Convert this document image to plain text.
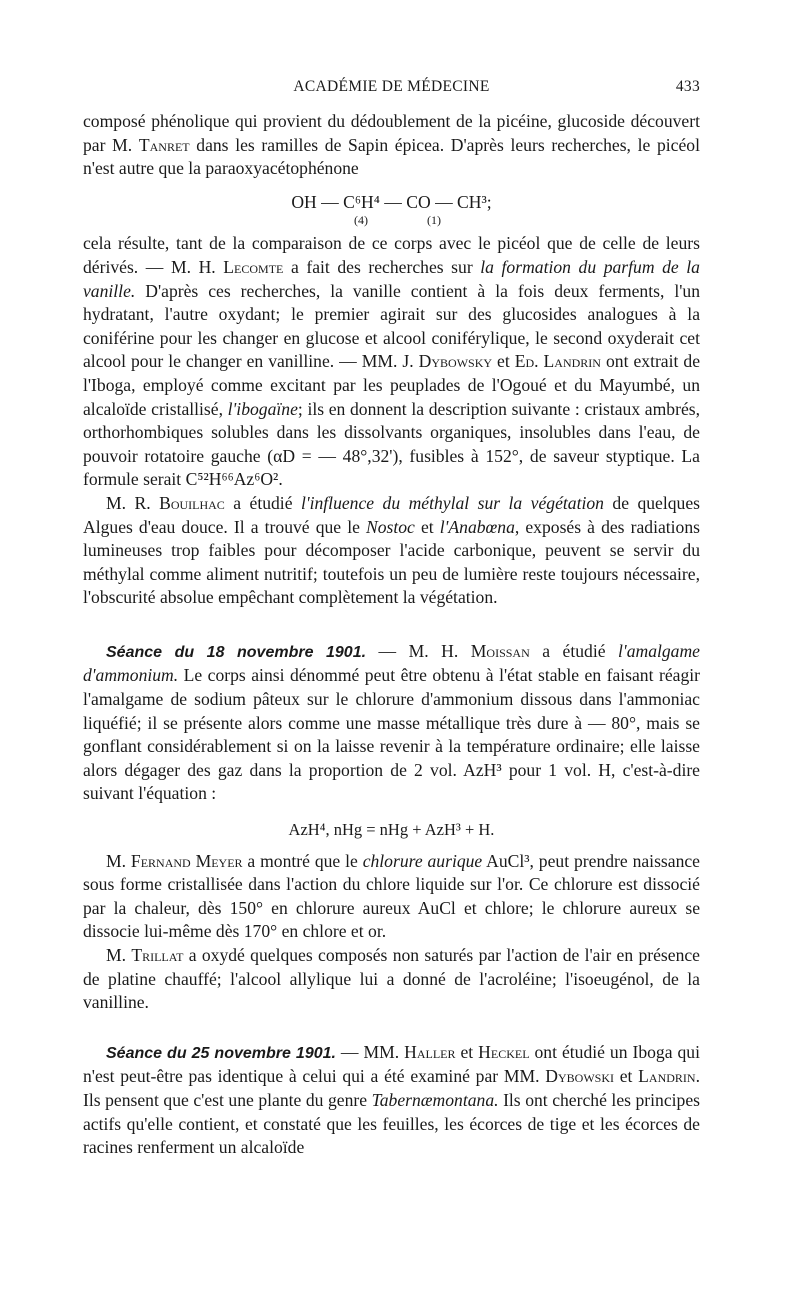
ACADÉMIE DE MÉDECINE	433

composé phénolique qui provient du dédoublement de la picéine, glucoside découvert par M. Tanret dans les ramilles de Sapin épicea. D'après leurs recherches, le picéol n'est autre que la paraoxyacétophénone

OH — C⁶H⁴ — CO — CH³;
(4) (1)

cela résulte, tant de la comparaison de ce corps avec le picéol que de celle de leurs dérivés. — M. H. Lecomte a fait des recherches sur la formation du parfum de la vanille. D'après ces recherches, la vanille contient à la fois deux ferments, l'un hydratant, l'autre oxydant; le premier agirait sur des glucosides analogues à la coniférine pour les changer en glucose et alcool coniférylique, le second oxyderait cet alcool pour le changer en vanilline. — MM. J. Dybowsky et Ed. Landrin ont extrait de l'Iboga, employé comme excitant par les peuplades de l'Ogoué et du Mayumbé, un alcaloïde cristallisé, l'ibogaïne; ils en donnent la description suivante : cristaux ambrés, orthorhombiques solubles dans les dissolvants organiques, insolubles dans l'eau, de pouvoir rotatoire gauche (αD = — 48°,32'), fusibles à 152°, de saveur styptique. La formule serait C⁵²H⁶⁶Az⁶O².

M. R. Bouilhac a étudié l'influence du méthylal sur la végétation de quelques Algues d'eau douce. Il a trouvé que le Nostoc et l'Anabœna, exposés à des radiations lumineuses trop faibles pour décomposer l'acide carbonique, peuvent se servir du méthylal comme aliment nutritif; toutefois un peu de lumière reste toujours nécessaire, l'obscurité absolue empêchant complètement la végétation.

Séance du 18 novembre 1901. — M. H. Moissan a étudié l'amalgame d'ammonium. Le corps ainsi dénommé peut être obtenu à l'état stable en faisant réagir l'amalgame de sodium pâteux sur le chlorure d'ammonium dissous dans l'ammoniac liquéfié; il se présente alors comme une masse métallique très dure à — 80°, mais se gonflant considérablement si on la laisse revenir à la température ordinaire; elle laisse alors dégager des gaz dans la proportion de 2 vol. AzH³ pour 1 vol. H, c'est-à-dire suivant l'équation :

AzH⁴, nHg = nHg + AzH³ + H.

M. Fernand Meyer a montré que le chlorure aurique AuCl³, peut prendre naissance sous forme cristallisée dans l'action du chlore liquide sur l'or. Ce chlorure est dissocié par la chaleur, dès 150° en chlorure aureux AuCl et chlore; le chlorure aureux se dissocie lui-même dès 170° en chlore et or.

M. Trillat a oxydé quelques composés non saturés par l'action de l'air en présence de platine chauffé; l'alcool allylique lui a donné de l'acroléine; l'isoeugénol, de la vanilline.

Séance du 25 novembre 1901. — MM. Haller et Heckel ont étudié un Iboga qui n'est peut-être pas identique à celui qui a été examiné par MM. Dybowski et Landrin. Ils pensent que c'est une plante du genre Tabernæmontana. Ils ont cherché les principes actifs qu'elle contient, et constaté que les feuilles, les écorces de tige et les écorces de racines renferment un alcaloïde
